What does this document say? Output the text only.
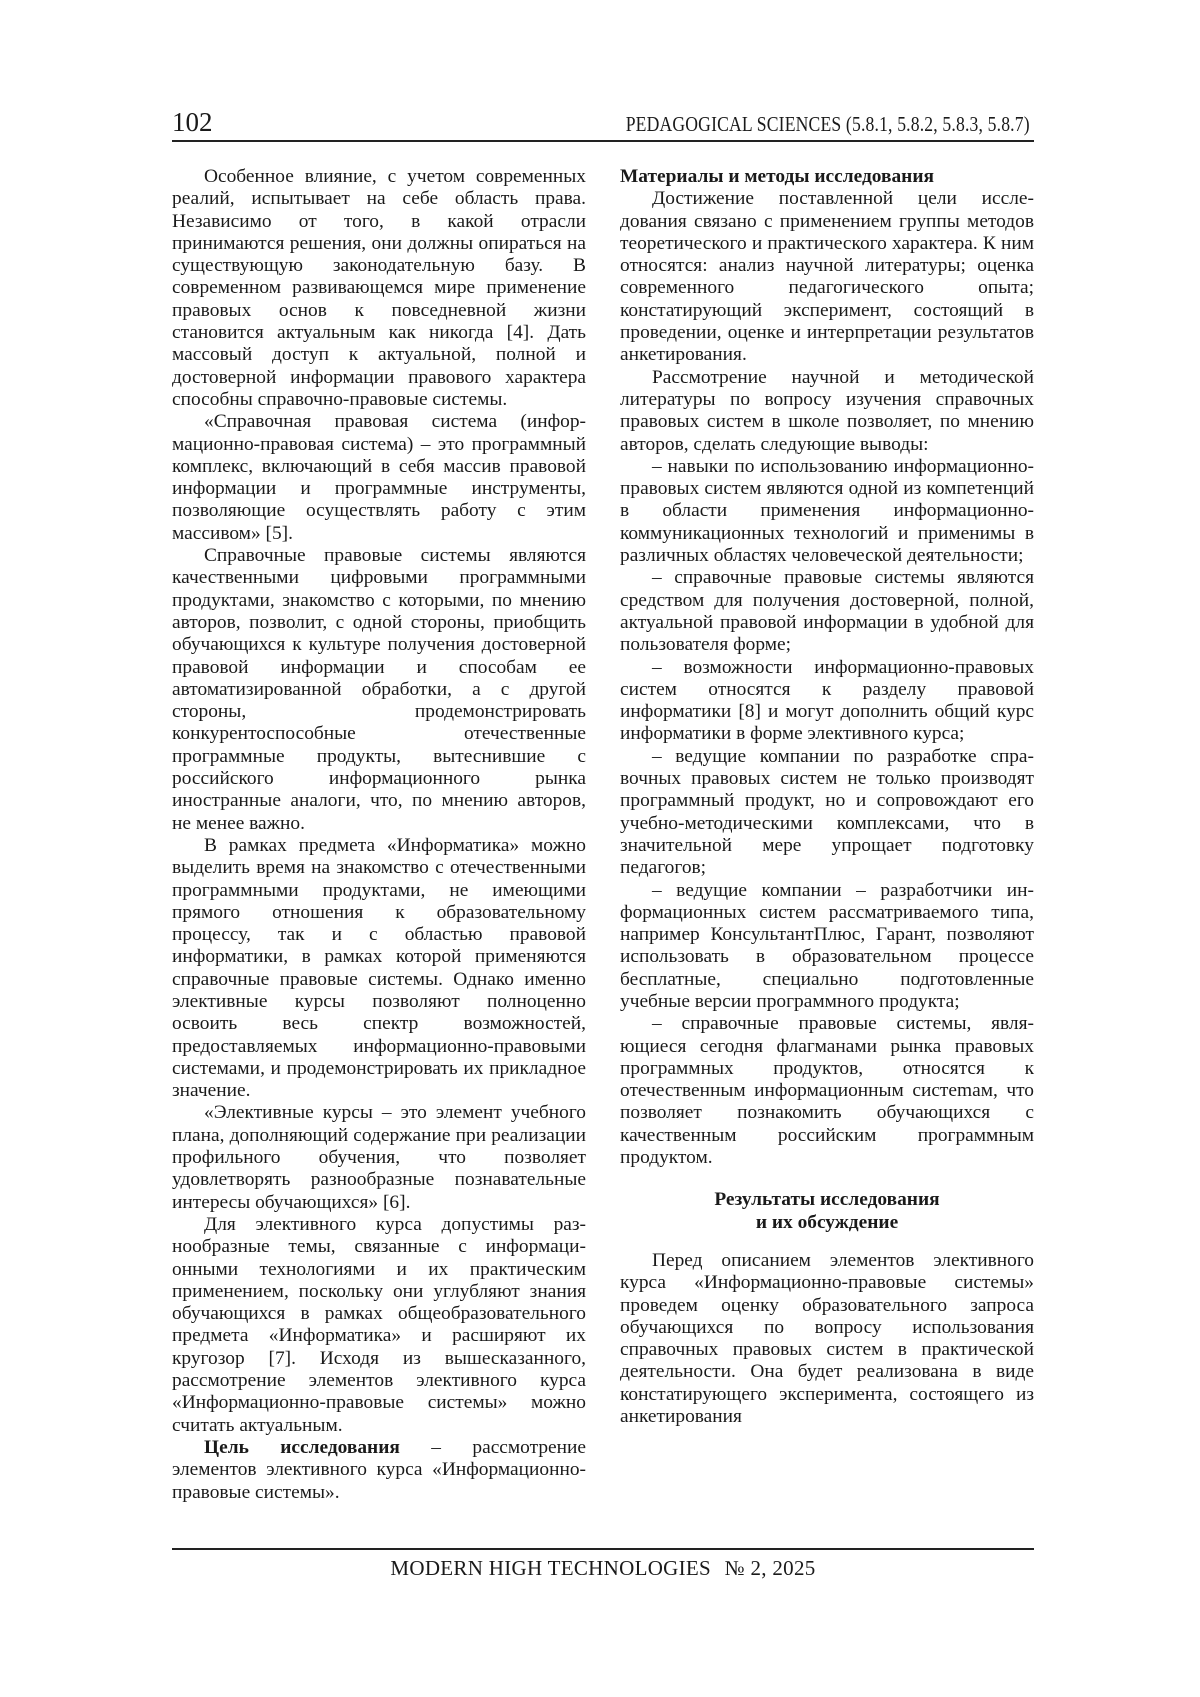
102	PEDAGOGICAL SCIENCES (5.8.1, 5.8.2, 5.8.3, 5.8.7)

Особенное влияние, с учетом современных реалий, испытывает на себе область права. Независимо от того, в какой отрасли принимаются решения, они должны опираться на существующую законодательную базу. В современном развивающемся мире применение правовых основ к повседневной жизни становится актуальным как никогда [4]. Дать массовый доступ к актуальной, полной и достоверной информации правового характера способны справочно-правовые системы.

«Справочная правовая система (информационно-правовая система) – это программный комплекс, включающий в себя массив правовой информации и программные инструменты, позволяющие осуществлять работу с этим массивом» [5].

Справочные правовые системы являются качественными цифровыми программными продуктами, знакомство с которыми, по мнению авторов, позволит, с одной стороны, приобщить обучающихся к культуре получения достоверной правовой информации и способам ее автоматизированной обработки, а с другой стороны, продемонстрировать конкурентоспособные отечественные программные продукты, вытеснившие с российского информационного рынка иностранные аналоги, что, по мнению авторов, не менее важно.

В рамках предмета «Информатика» можно выделить время на знакомство с отечественными программными продуктами, не имеющими прямого отношения к образовательному процессу, так и с областью правовой информатики, в рамках которой применяются справочные правовые системы. Однако именно элективные курсы позволяют полноценно освоить весь спектр возможностей, предоставляемых информационно-правовыми системами, и продемонстрировать их прикладное значение.

«Элективные курсы – это элемент учебного плана, дополняющий содержание при реализации профильного обучения, что позволяет удовлетворять разнообразные познавательные интересы обучающихся» [6].

Для элективного курса допустимы разнообразные темы, связанные с информационными технологиями и их практическим применением, поскольку они углубляют знания обучающихся в рамках общеобразовательного предмета «Информатика» и расширяют их кругозор [7]. Исходя из вышесказанного, рассмотрение элементов элективного курса «Информационно-правовые системы» можно считать актуальным.

Цель исследования – рассмотрение элементов элективного курса «Информационно-правовые системы».

Материалы и методы исследования

Достижение поставленной цели исследования связано с применением группы методов теоретического и практического характера. К ним относятся: анализ научной литературы; оценка современного педагогического опыта; констатирующий эксперимент, состоящий в проведении, оценке и интерпретации результатов анкетирования.

Рассмотрение научной и методической литературы по вопросу изучения справочных правовых систем в школе позволяет, по мнению авторов, сделать следующие выводы:

– навыки по использованию информационно-правовых систем являются одной из компетенций в области применения информационно-коммуникационных технологий и применимы в различных областях человеческой деятельности;

– справочные правовые системы являются средством для получения достоверной, полной, актуальной правовой информации в удобной для пользователя форме;

– возможности информационно-правовых систем относятся к разделу правовой информатики [8] и могут дополнить общий курс информатики в форме элективного курса;

– ведущие компании по разработке справочных правовых систем не только производят программный продукт, но и сопровождают его учебно-методическими комплексами, что в значительной мере упрощает подготовку педагогов;

– ведущие компании – разработчики информационных систем рассматриваемого типа, например КонсультантПлюс, Гарант, позволяют использовать в образовательном процессе бесплатные, специально подготовленные учебные версии программного продукта;

– справочные правовые системы, являющиеся сегодня флагманами рынка правовых программных продуктов, относятся к отечественным информационным систеmам, что позволяет познакомить обучающихся с качественным российским программным продуктом.

Результаты исследования
и их обсуждение

Перед описанием элементов элективного курса «Информационно-правовые системы» проведем оценку образовательного запроса обучающихся по вопросу использования справочных правовых систем в практической деятельности. Она будет реализована в виде констатирующего эксперимента, состоящего из анкетирования

MODERN HIGH TECHNOLOGIES № 2, 2025
